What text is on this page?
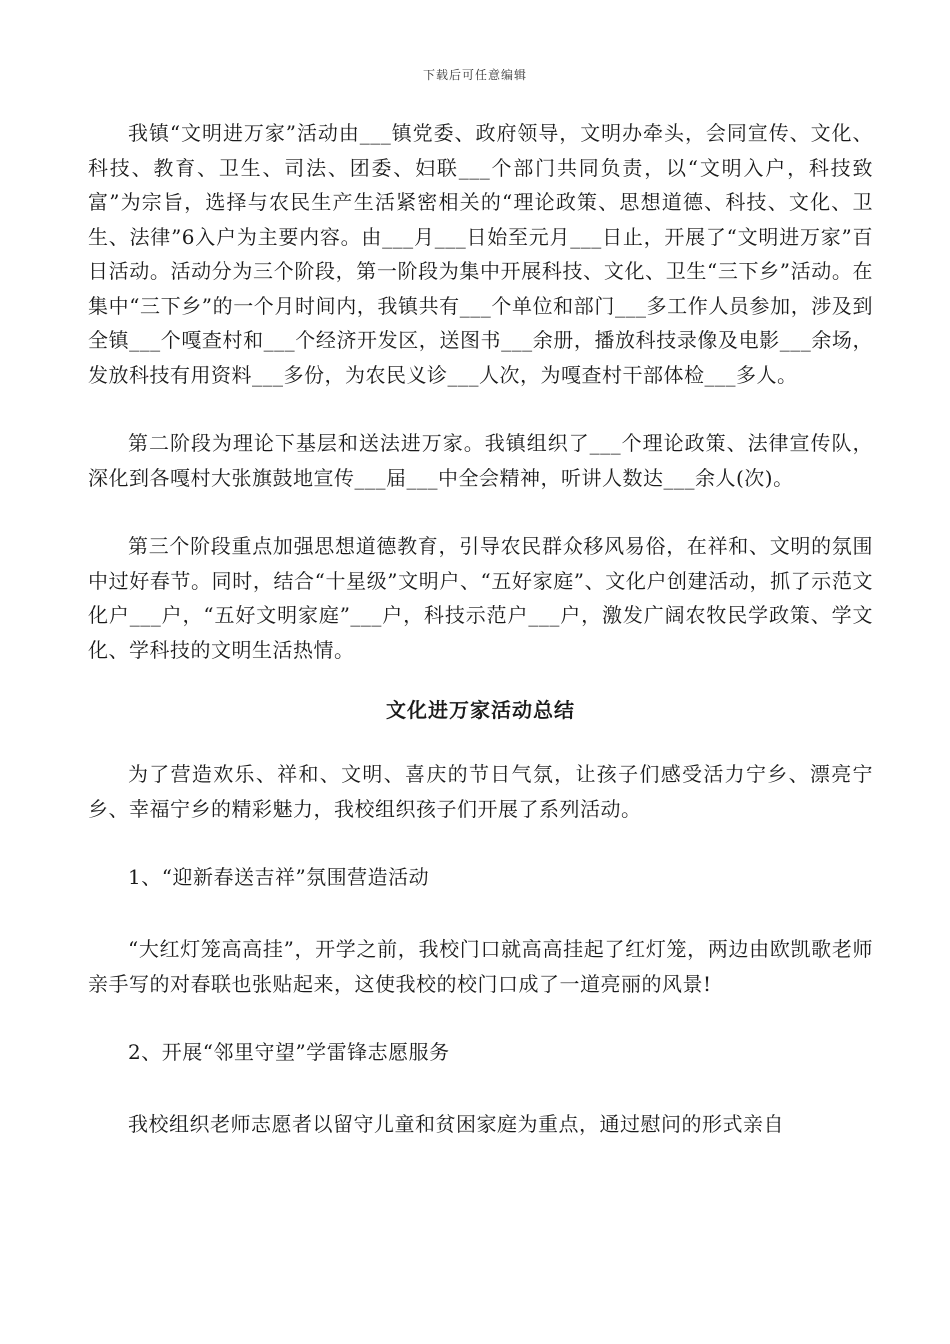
下载后可任意编辑

我镇“文明进万家”活动由___镇党委、政府领导，文明办牵头，会同宣传、文化、科技、教育、卫生、司法、团委、妇联___个部门共同负责，以“文明入户，科技致富”为宗旨，选择与农民生产生活紧密相关的“理论政策、思想道德、科技、文化、卫生、法律”6入户为主要内容。由___月___日始至元月___日止，开展了“文明进万家”百日活动。活动分为三个阶段，第一阶段为集中开展科技、文化、卫生“三下乡”活动。在集中“三下乡”的一个月时间内，我镇共有___个单位和部门___多工作人员参加，涉及到全镇___个嘎查村和___个经济开发区，送图书___余册，播放科技录像及电影___余场，发放科技有用资料___多份，为农民义诊___人次，为嘎查村干部体检___多人。

第二阶段为理论下基层和送法进万家。我镇组织了___个理论政策、法律宣传队，深化到各嘎村大张旗鼓地宣传___届___中全会精神，听讲人数达___余人(次)。

第三个阶段重点加强思想道德教育，引导农民群众移风易俗，在祥和、文明的氛围中过好春节。同时，结合“十星级”文明户、“五好家庭”、文化户创建活动，抓了示范文化户___户，“五好文明家庭”___户，科技示范户___户，激发广阔农牧民学政策、学文化、学科技的文明生活热情。

文化进万家活动总结

为了营造欢乐、祥和、文明、喜庆的节日气氛，让孩子们感受活力宁乡、漂亮宁乡、幸福宁乡的精彩魅力，我校组织孩子们开展了系列活动。

1、“迎新春送吉祥”氛围营造活动

“大红灯笼高高挂”，开学之前，我校门口就高高挂起了红灯笼，两边由欧凯歌老师亲手写的对春联也张贴起来，这使我校的校门口成了一道亮丽的风景!

2、开展“邻里守望”学雷锋志愿服务

我校组织老师志愿者以留守儿童和贫困家庭为重点，通过慰问的形式亲自
